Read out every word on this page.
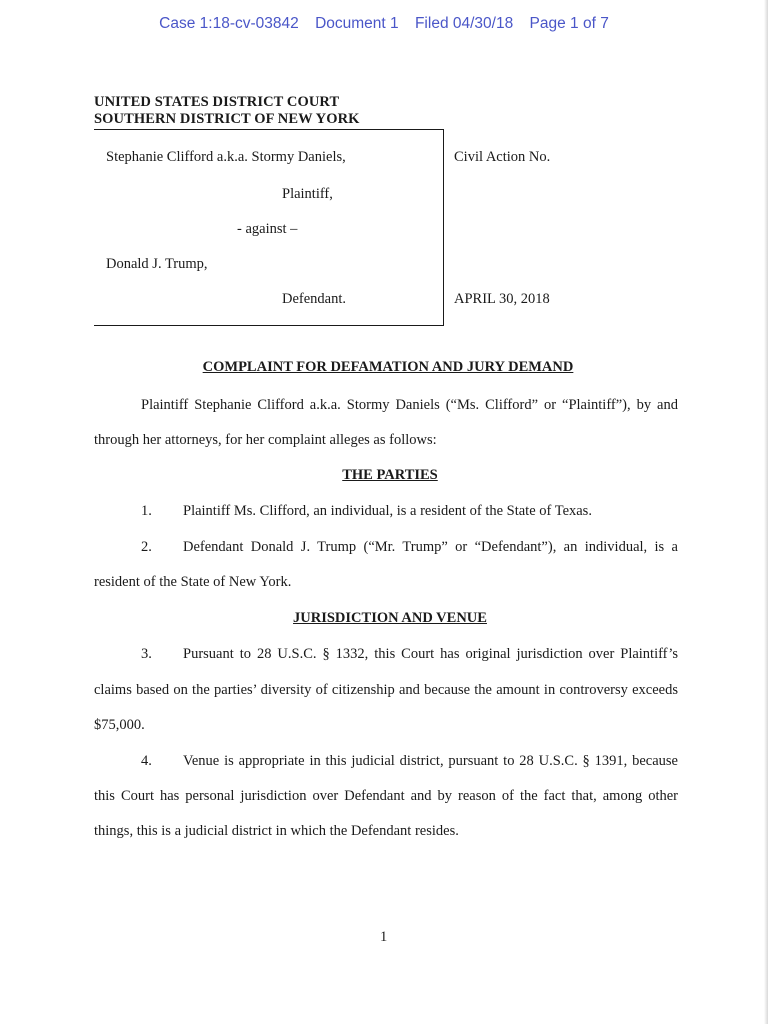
Case 1:18-cv-03842 Document 1 Filed 04/30/18 Page 1 of 7
UNITED STATES DISTRICT COURT
SOUTHERN DISTRICT OF NEW YORK
Stephanie Clifford a.k.a. Stormy Daniels,
Plaintiff,
- against –
Donald J. Trump,
Defendant.
Civil Action No.
APRIL 30, 2018
COMPLAINT FOR DEFAMATION AND JURY DEMAND
Plaintiff Stephanie Clifford a.k.a. Stormy Daniels (“Ms. Clifford” or “Plaintiff”), by and
through her attorneys, for her complaint alleges as follows:
THE PARTIES
1. Plaintiff Ms. Clifford, an individual, is a resident of the State of Texas.
2. Defendant Donald J. Trump (“Mr. Trump” or “Defendant”), an individual, is a
resident of the State of New York.
JURISDICTION AND VENUE
3. Pursuant to 28 U.S.C. § 1332, this Court has original jurisdiction over Plaintiff’s
claims based on the parties’ diversity of citizenship and because the amount in controversy exceeds
$75,000.
4. Venue is appropriate in this judicial district, pursuant to 28 U.S.C. § 1391, because
this Court has personal jurisdiction over Defendant and by reason of the fact that, among other
things, this is a judicial district in which the Defendant resides.
1
